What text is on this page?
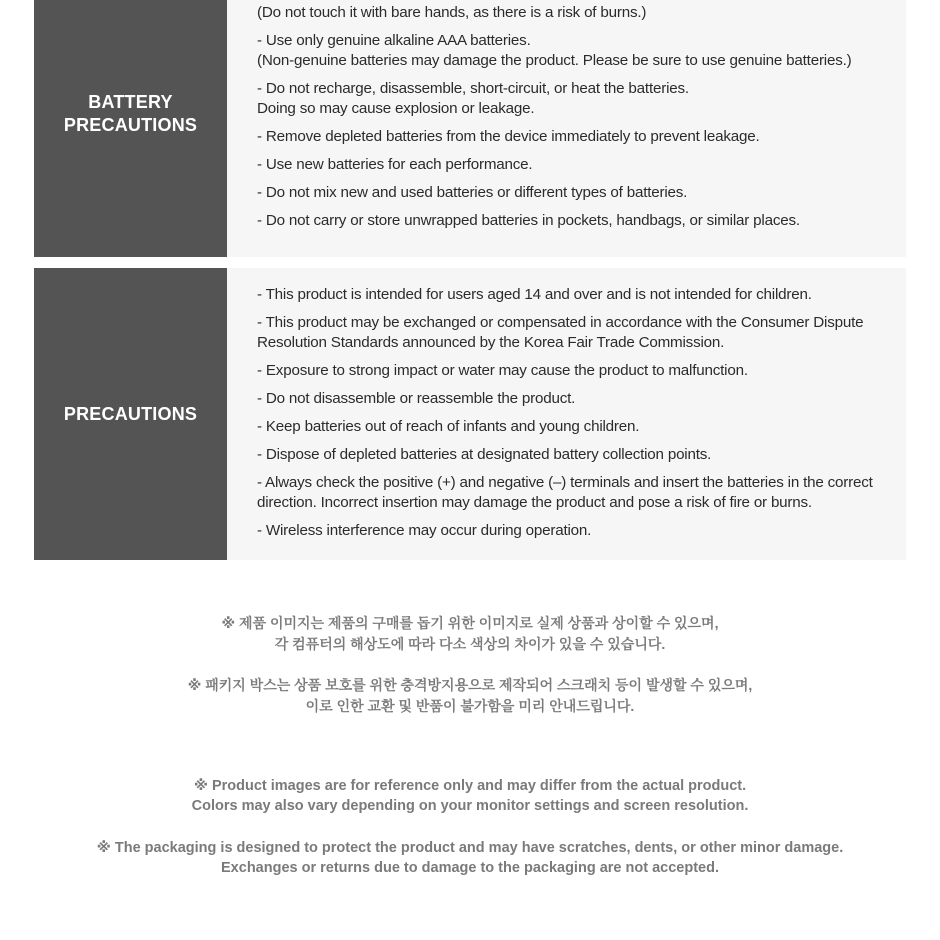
BATTERY
PRECAUTIONS

(Do not touch it with bare hands, as there is a risk of burns.)
- Use only genuine alkaline AAA batteries.
(Non-genuine batteries may damage the product. Please be sure to use genuine batteries.)
- Do not recharge, disassemble, short-circuit, or heat the batteries.
Doing so may cause explosion or leakage.
- Remove depleted batteries from the device immediately to prevent leakage.
- Use new batteries for each performance.
- Do not mix new and used batteries or different types of batteries.
- Do not carry or store unwrapped batteries in pockets, handbags, or similar places.
PRECAUTIONS
- This product is intended for users aged 14 and over and is not intended for children.
- This product may be exchanged or compensated in accordance with the Consumer Dispute
Resolution Standards announced by the Korea Fair Trade Commission.
- Exposure to strong impact or water may cause the product to malfunction.
- Do not disassemble or reassemble the product.
- Keep batteries out of reach of infants and young children.
- Dispose of depleted batteries at designated battery collection points.
- Always check the positive (+) and negative (–) terminals and insert the batteries in the correct
direction. Incorrect insertion may damage the product and pose a risk of fire or burns.
- Wireless interference may occur during operation.

※ 제품 이미지는 제품의 구매를 돕기 위한 이미지로 실제 상품과 상이할 수 있으며,
각 컴퓨터의 해상도에 따라 다소 색상의 차이가 있을 수 있습니다.

※ 패키지 박스는 상품 보호를 위한 충격방지용으로 제작되어 스크래치 등이 발생할 수 있으며,
이로 인한 교환 및 반품이 불가함을 미리 안내드립니다.

※ Product images are for reference only and may differ from the actual product.
Colors may also vary depending on your monitor settings and screen resolution.

※ The packaging is designed to protect the product and may have scratches, dents, or other minor damage.
Exchanges or returns due to damage to the packaging are not accepted.
